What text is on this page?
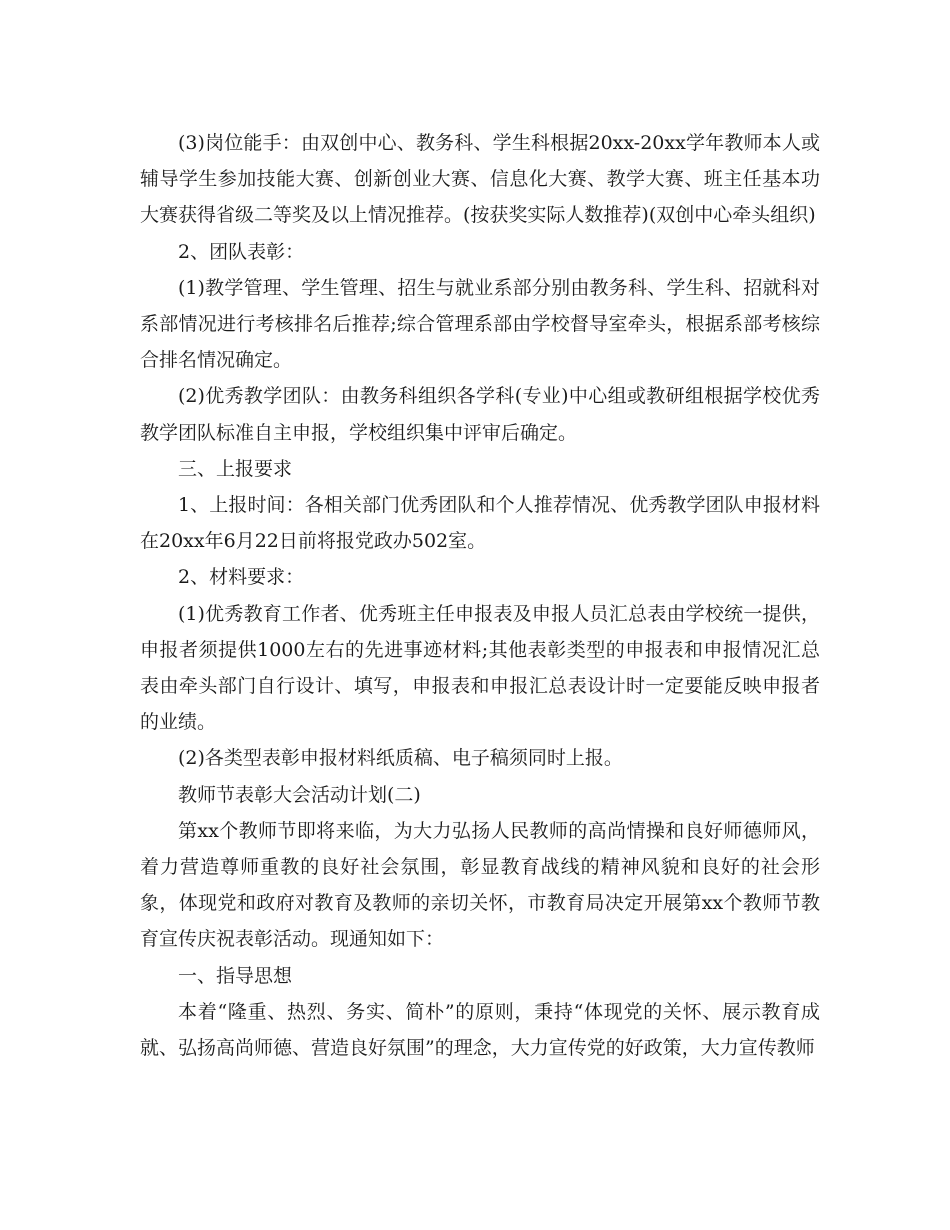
(3)岗位能手：由双创中心、教务科、学生科根据20xx-20xx学年教师本人或辅导学生参加技能大赛、创新创业大赛、信息化大赛、教学大赛、班主任基本功大赛获得省级二等奖及以上情况推荐。(按获奖实际人数推荐)(双创中心牵头组织)

2、团队表彰：

(1)教学管理、学生管理、招生与就业系部分别由教务科、学生科、招就科对系部情况进行考核排名后推荐;综合管理系部由学校督导室牵头，根据系部考核综合排名情况确定。

(2)优秀教学团队：由教务科组织各学科(专业)中心组或教研组根据学校优秀教学团队标准自主申报，学校组织集中评审后确定。

三、上报要求

1、上报时间：各相关部门优秀团队和个人推荐情况、优秀教学团队申报材料在20xx年6月22日前将报党政办502室。

2、材料要求：

(1)优秀教育工作者、优秀班主任申报表及申报人员汇总表由学校统一提供，申报者须提供1000左右的先进事迹材料;其他表彰类型的申报表和申报情况汇总表由牵头部门自行设计、填写，申报表和申报汇总表设计时一定要能反映申报者的业绩。

(2)各类型表彰申报材料纸质稿、电子稿须同时上报。

教师节表彰大会活动计划(二)

第xx个教师节即将来临，为大力弘扬人民教师的高尚情操和良好师德师风，着力营造尊师重教的良好社会氛围，彰显教育战线的精神风貌和良好的社会形象，体现党和政府对教育及教师的亲切关怀，市教育局决定开展第xx个教师节教育宣传庆祝表彰活动。现通知如下：

一、指导思想

本着“隆重、热烈、务实、简朴”的原则，秉持“体现党的关怀、展示教育成就、弘扬高尚师德、营造良好氛围”的理念，大力宣传党的好政策，大力宣传教师
